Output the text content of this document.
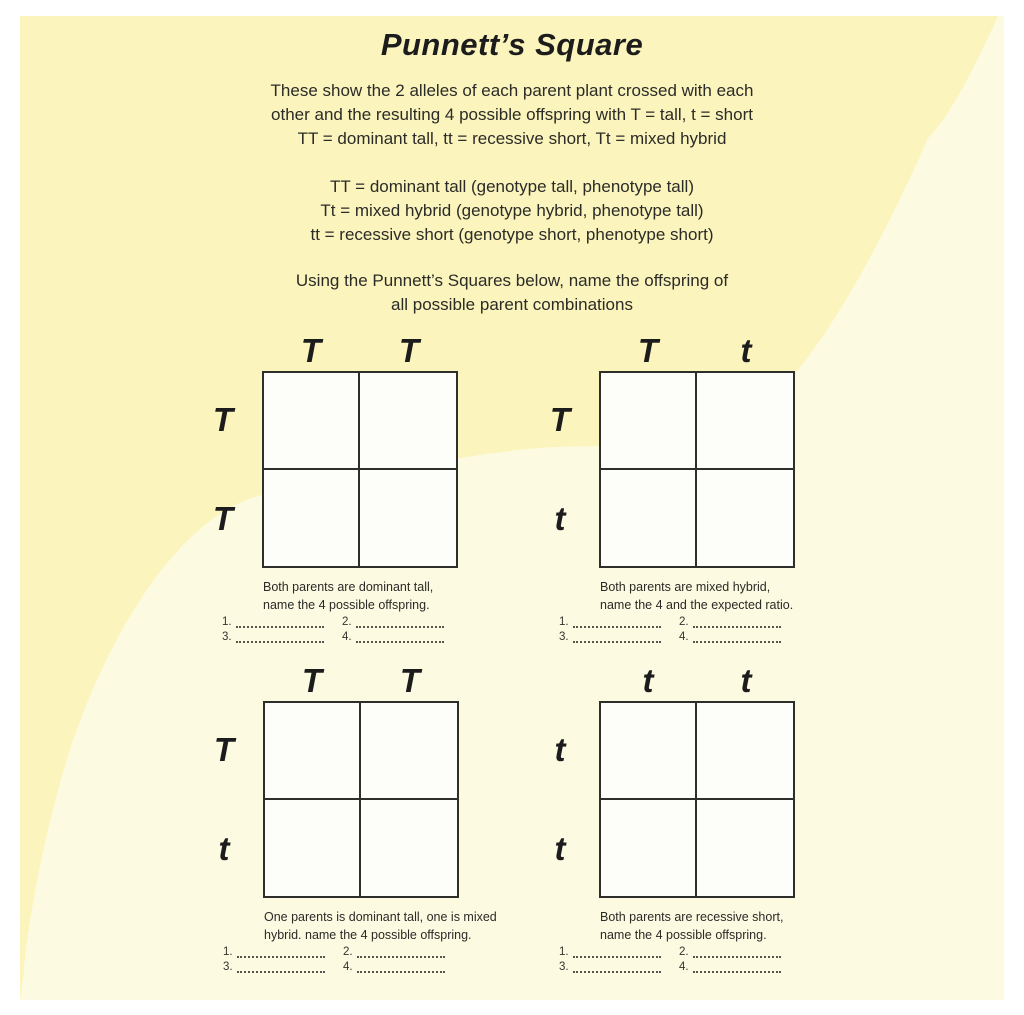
Punnett’s Square
These show the 2 alleles of each parent plant crossed with each
other and the resulting 4 possible offspring with T = tall, t = short
TT = dominant tall, tt = recessive short, Tt = mixed hybrid
TT = dominant tall (genotype tall, phenotype tall)
Tt = mixed hybrid (genotype hybrid, phenotype tall)
tt = recessive short (genotype short, phenotype short)
Using the Punnett’s Squares below, name the offspring of
all possible parent combinations
T	T
T
T
Both parents are dominant tall,
name the 4 possible offspring.
1.	2.
3.	4.
T	t
T
t
Both parents are mixed hybrid,
name the 4 and the expected ratio.
1.	2.
3.	4.
T	T
T
t
One parents is dominant tall, one is mixed
hybrid. name the 4 possible offspring.
1.	2.
3.	4.
t	t
t
t
Both parents are recessive short,
name the 4 possible offspring.
1.	2.
3.	4.
